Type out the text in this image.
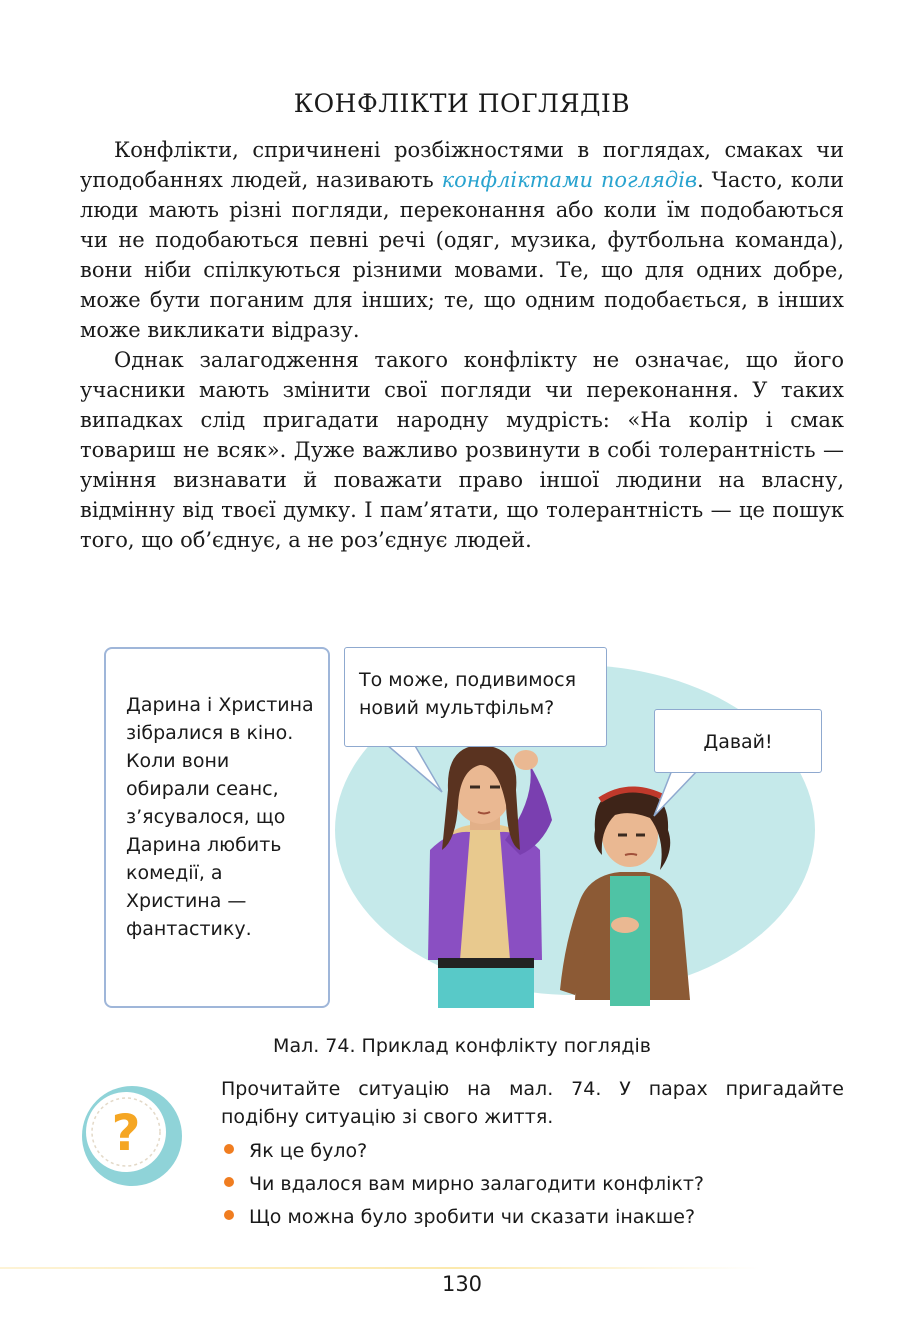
КОНФЛІКТИ ПОГЛЯДІВ

Конфлікти, спричинені розбіжностями в поглядах, смаках чи уподобаннях людей, називають конфліктами поглядів. Часто, коли люди мають різні погляди, переконання або коли їм подобаються чи не подобаються певні речі (одяг, музика, футбольна команда), вони ніби спілкуються різними мовами. Те, що для одних добре, може бути поганим для інших; те, що одним подобається, в інших може викликати відразу.

Однак залагодження такого конфлікту не означає, що його учасники мають змінити свої погляди чи переконання. У таких випадках слід пригадати народну мудрість: «На колір і смак товариш не всяк». Дуже важливо розвинути в собі толерантність — уміння визнавати й поважати право іншої людини на власну, відмінну від твоєї думку. І пам’ятати, що толерантність — це пошук того, що об’єднує, а не роз’єднує людей.

Дарина і Христина зібралися в кіно. Коли вони обирали сеанс, з’ясувалося, що Дарина любить комедії, а Христина — фантастику.
То може, подивимося новий мультфільм?
Давай!
Мал. 74. Приклад конфлікту поглядів
?
Прочитайте ситуацію на мал. 74. У парах пригадайте подібну ситуацію зі свого життя.
Як це було?
Чи вдалося вам мирно залагодити конфлікт?
Що можна було зробити чи сказати інакше?
130
